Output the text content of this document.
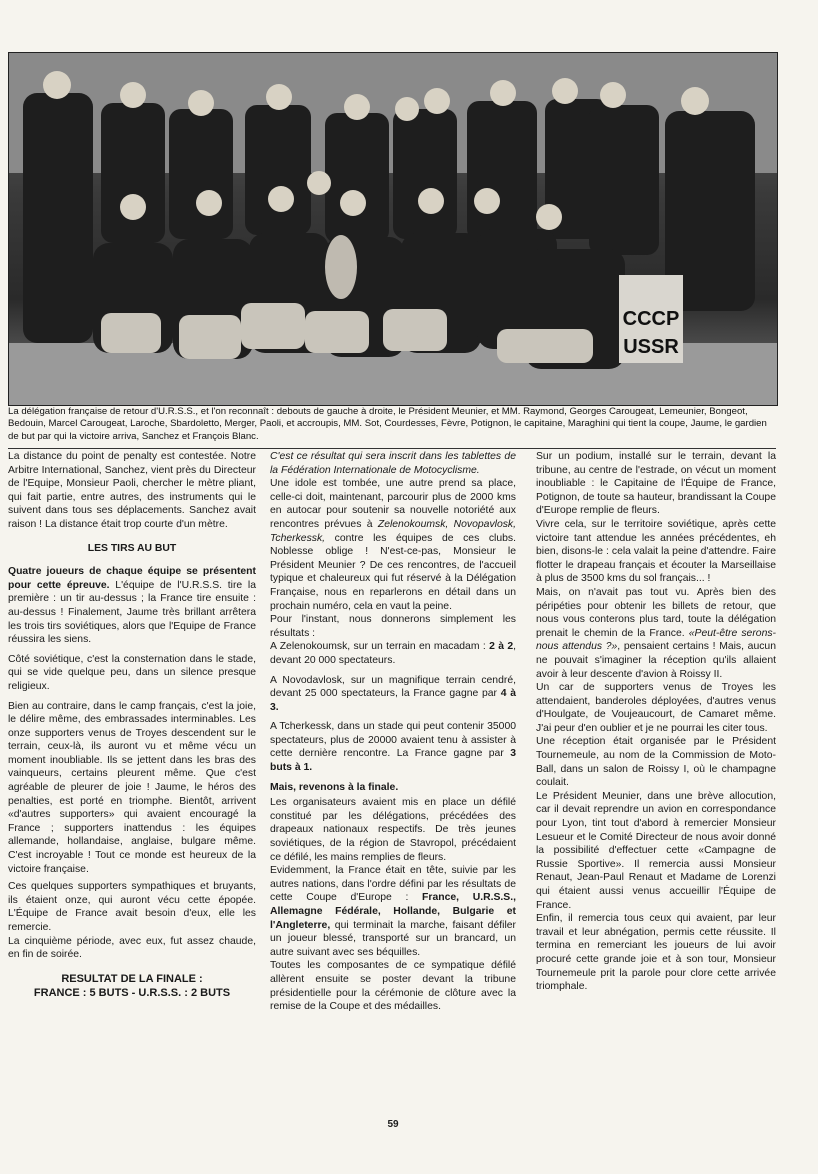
CCCP
USSR
La délégation française de retour d'U.R.S.S., et l'on reconnaît : debouts de gauche à droite, le Président Meunier, et MM. Raymond, Georges Carougeat, Lemeunier, Bongeot, Bedouin, Marcel Carougeat, Laroche, Sbardoletto, Merger, Paoli, et accroupis, MM. Sot, Courdesses, Fèvre, Potignon, le capitaine, Maraghini qui tient la coupe, Jaume, le gardien de but par qui la victoire arriva, Sanchez et François Blanc.

La distance du point de penalty est contestée. Notre Arbitre International, Sanchez, vient près du Directeur de l'Equipe, Monsieur Paoli, chercher le mètre pliant, qui fait partie, entre autres, des instruments qui le suivent dans tous ses déplacements. Sanchez avait raison ! La distance était trop courte d'un mètre.

LES TIRS AU BUT

Quatre joueurs de chaque équipe se présentent pour cette épreuve. L'équipe de l'U.R.S.S. tire la première : un tir au-dessus ; la France tire ensuite : au-dessus ! Finalement, Jaume très brillant arrêtera les trois tirs soviétiques, alors que l'Equipe de France réussira les siens.

Côté soviétique, c'est la consternation dans le stade, qui se vide quelque peu, dans un silence presque religieux.

Bien au contraire, dans le camp français, c'est la joie, le délire même, des embrassades interminables. Les onze supporters venus de Troyes descendent sur le terrain, ceux-là, ils auront vu et même vécu un moment inoubliable. Ils se jettent dans les bras des vainqueurs, certains pleurent même. Que c'est agréable de pleurer de joie ! Jaume, le héros des penalties, est porté en triomphe. Bientôt, arrivent «d'autres supporters» qui avaient encouragé la France ; supporters inattendus : les équipes allemande, hollandaise, anglaise, bulgare même. C'est incroyable ! Tout ce monde est heureux de la victoire française.

Ces quelques supporters sympathiques et bruyants, ils étaient onze, qui auront vécu cette épopée. L'Équipe de France avait besoin d'eux, elle les remercie.

La cinquième période, avec eux, fut assez chaude, en fin de soirée.

RESULTAT DE LA FINALE :
FRANCE : 5 BUTS - U.R.S.S. : 2 BUTS

C'est ce résultat qui sera inscrit dans les tablettes de la Fédération Internationale de Motocyclisme.

Une idole est tombée, une autre prend sa place, celle-ci doit, maintenant, parcourir plus de 2000 kms en autocar pour soutenir sa nouvelle notoriété aux rencontres prévues à Zelenokoumsk, Novopavlosk, Tcherkessk, contre les équipes de ces clubs. Noblesse oblige ! N'est-ce-pas, Monsieur le Président Meunier ? De ces rencontres, de l'accueil typique et chaleureux qui fut réservé à la Délégation Française, nous en reparlerons en détail dans un prochain numéro, cela en vaut la peine.

Pour l'instant, nous donnerons simplement les résultats :

A Zelenokoumsk, sur un terrain en macadam : 2 à 2, devant 20 000 spectateurs.

A Novodavlosk, sur un magnifique terrain cendré, devant 25 000 spectateurs, la France gagne par 4 à 3.

A Tcherkessk, dans un stade qui peut contenir 35000 spectateurs, plus de 20000 avaient tenu à assister à cette dernière rencontre. La France gagne par 3 buts à 1.

Mais, revenons à la finale.

Les organisateurs avaient mis en place un défilé constitué par les délégations, précédées des drapeaux nationaux respectifs. De très jeunes soviétiques, de la région de Stavropol, précédaient ce défilé, les mains remplies de fleurs.

Evidemment, la France était en tête, suivie par les autres nations, dans l'ordre défini par les résultats de cette Coupe d'Europe : France, U.R.S.S., Allemagne Fédérale, Hollande, Bulgarie et l'Angleterre, qui terminait la marche, faisant défiler un joueur blessé, transporté sur un brancard, un autre suivant avec ses béquilles.

Toutes les composantes de ce sympatique défilé allèrent ensuite se poster devant la tribune présidentielle pour la cérémonie de clôture avec la remise de la Coupe et des médailles.

Sur un podium, installé sur le terrain, devant la tribune, au centre de l'estrade, on vécut un moment inoubliable : le Capitaine de l'Équipe de France, Potignon, de toute sa hauteur, brandissant la Coupe d'Europe remplie de fleurs.

Vivre cela, sur le territoire soviétique, après cette victoire tant attendue les années précédentes, eh bien, disons-le : cela valait la peine d'attendre. Faire flotter le drapeau français et écouter la Marseillaise à plus de 3500 kms du sol français... !

Mais, on n'avait pas tout vu. Après bien des péripéties pour obtenir les billets de retour, que nous vous conterons plus tard, toute la délégation prenait le chemin de la France. «Peut-être serons-nous attendus ?», pensaient certains ! Mais, aucun ne pouvait s'imaginer la réception qu'ils allaient avoir à leur descente d'avion à Roissy II.

Un car de supporters venus de Troyes les attendaient, banderoles déployées, d'autres venus d'Houlgate, de Voujeaucourt, de Camaret même. J'ai peur d'en oublier et je ne pourrai les citer tous.

Une réception était organisée par le Président Tournemeule, au nom de la Commission de Moto-Ball, dans un salon de Roissy I, où le champagne coulait.

Le Président Meunier, dans une brève allocution, car il devait reprendre un avion en correspondance pour Lyon, tint tout d'abord à remercier Monsieur Lesueur et le Comité Directeur de nous avoir donné la possibilité d'effectuer cette «Campagne de Russie Sportive». Il remercia aussi Monsieur Renaut, Jean-Paul Renaut et Madame de Lorenzi qui étaient aussi venus accueillir l'Équipe de France.

Enfin, il remercia tous ceux qui avaient, par leur travail et leur abnégation, permis cette réussite. Il termina en remerciant les joueurs de lui avoir procuré cette grande joie et à son tour, Monsieur Tournemeule prit la parole pour clore cette arrivée triomphale.

59
